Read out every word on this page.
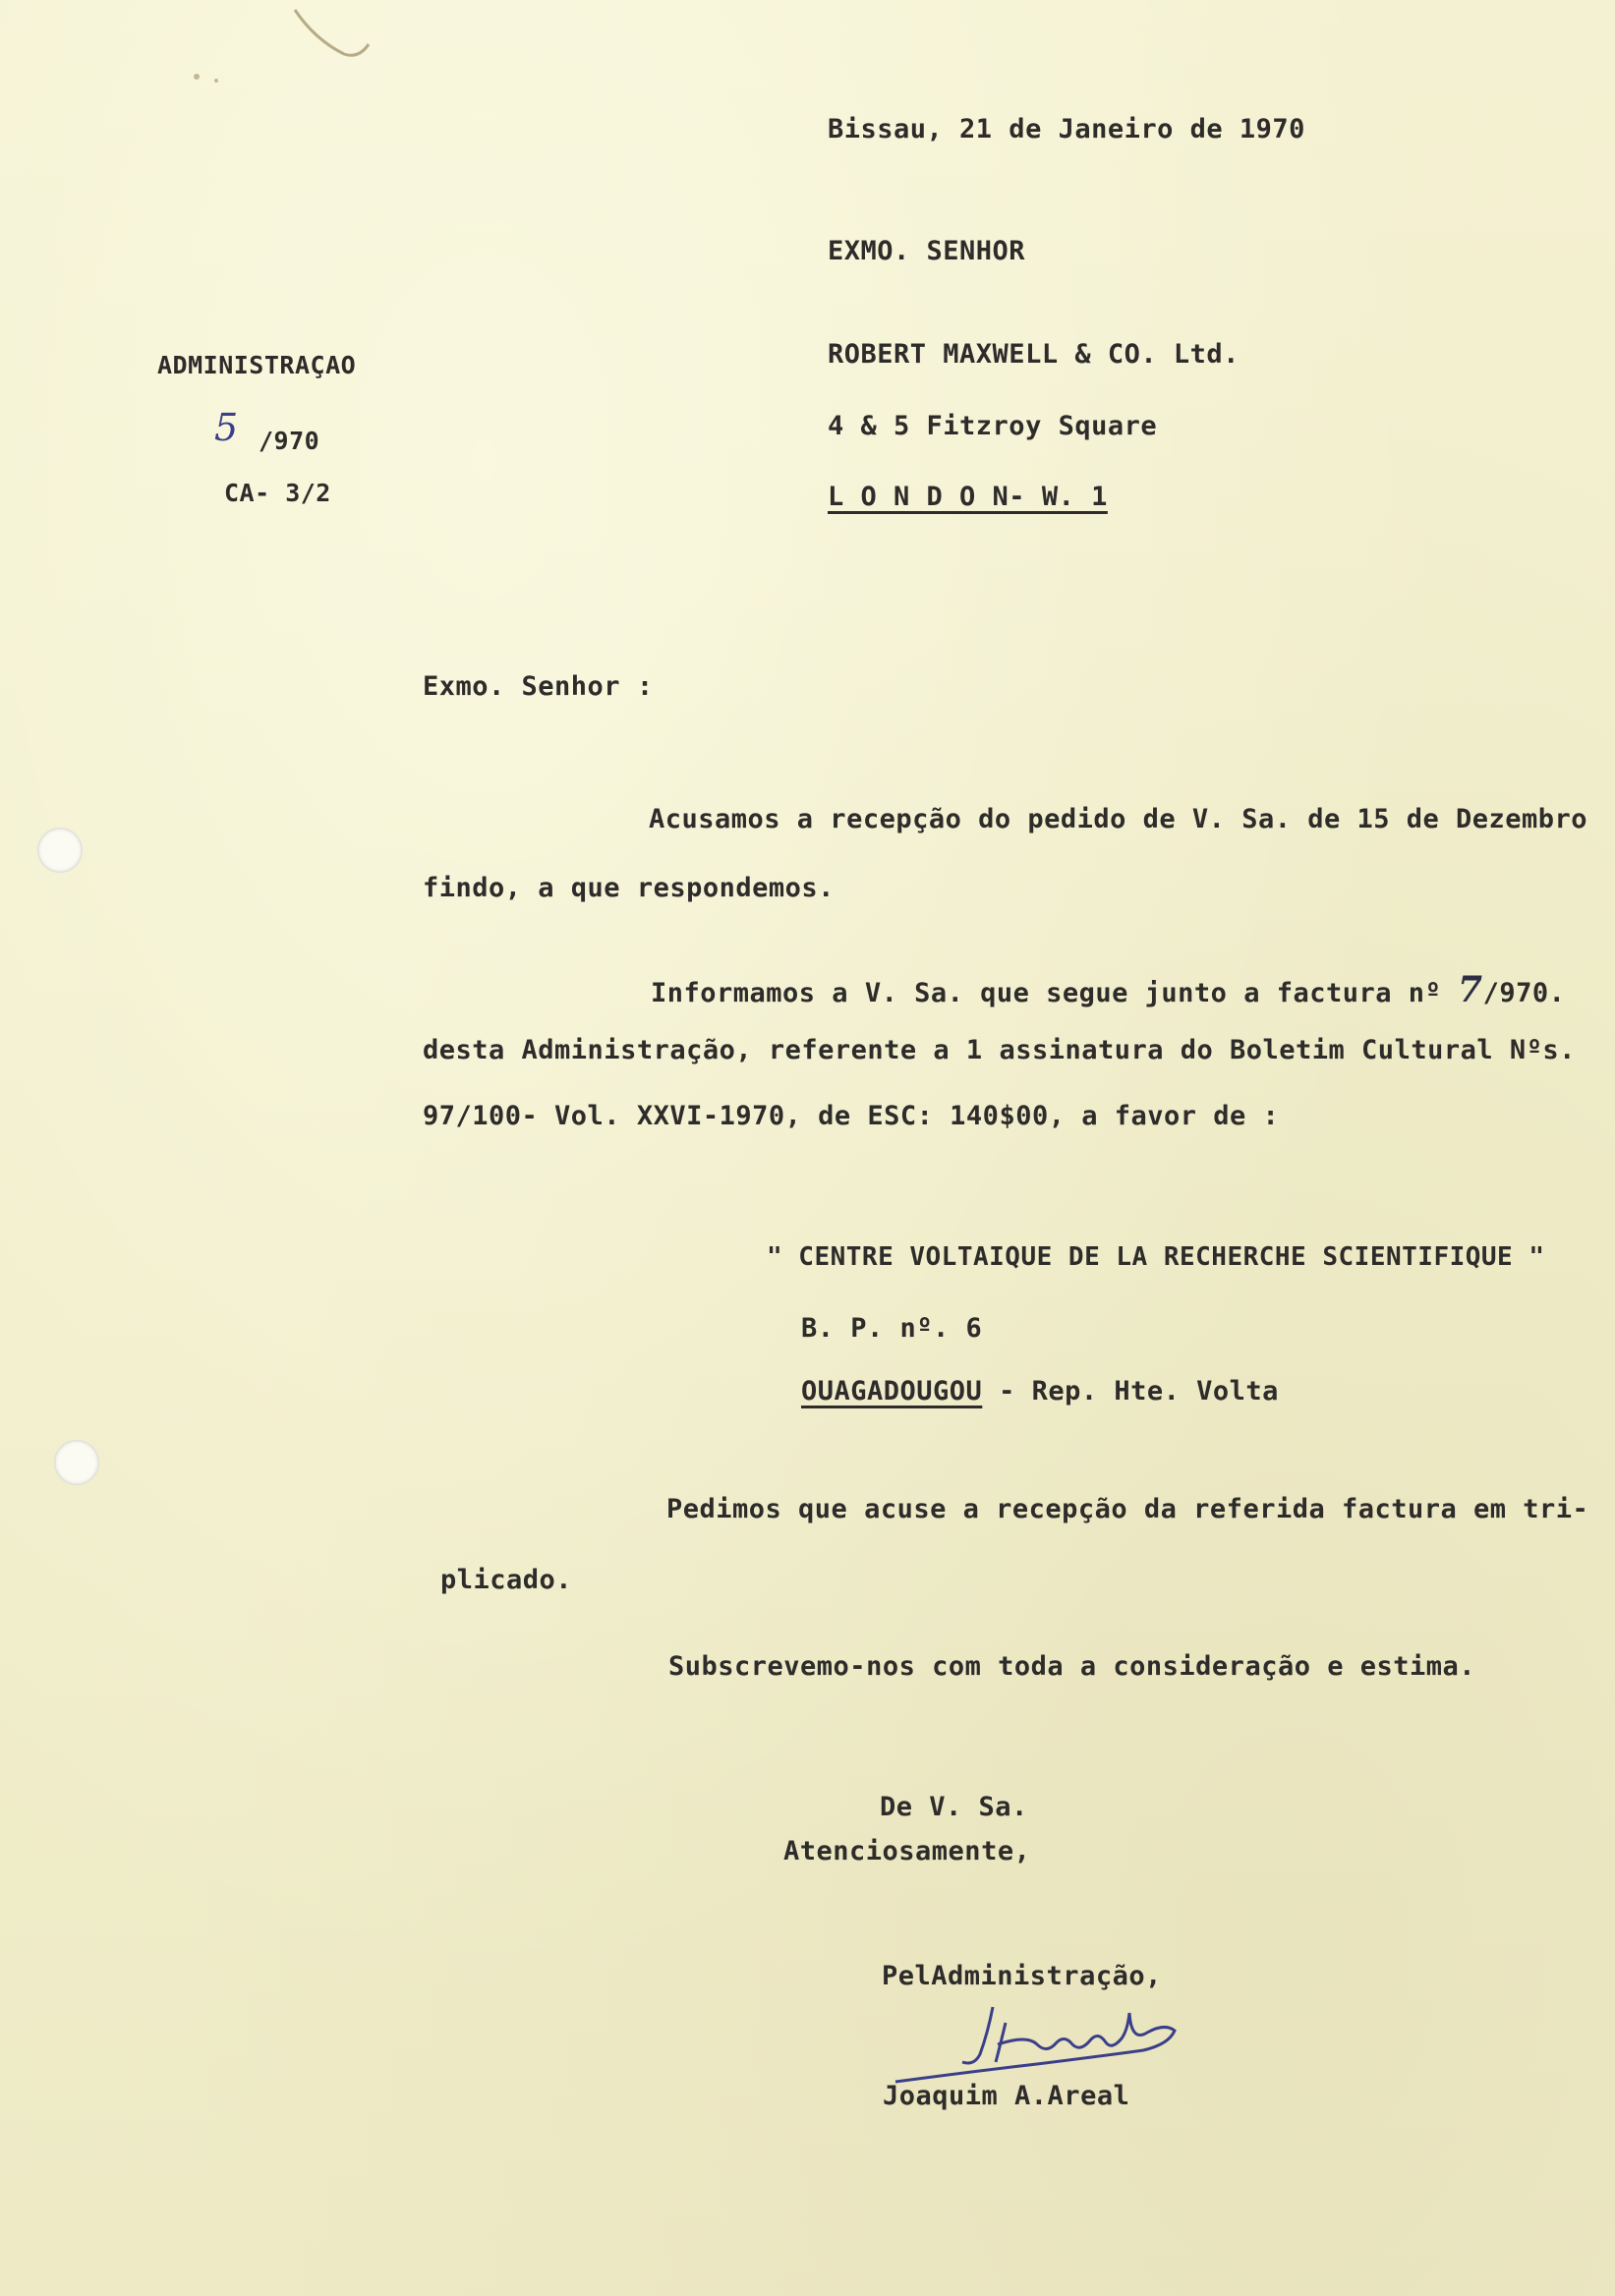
Bissau, 21 de Janeiro de 1970
EXMO. SENHOR
ROBERT MAXWELL & CO. Ltd.
4 & 5 Fitzroy Square
L O N D O N- W. 1
ADMINISTRAÇAO
5 /970
CA- 3/2
Exmo. Senhor :
Acusamos a recepção do pedido de V. Sa. de 15 de Dezembro
findo, a que respondemos.
Informamos a V. Sa. que segue junto a factura nº 7/970.
desta Administração, referente a 1 assinatura do Boletim Cultural Nºs.
97/100- Vol. XXVI-1970, de ESC: 140$00, a favor de :
" CENTRE VOLTAIQUE DE LA RECHERCHE SCIENTIFIQUE "
B. P. nº. 6
OUAGADOUGOU - Rep. Hte. Volta
Pedimos que acuse a recepção da referida factura em tri-
plicado.
Subscrevemo-nos com toda a consideração e estima.
De V. Sa.
Atenciosamente,
PelAdministração,
Joaquim A.Areal
